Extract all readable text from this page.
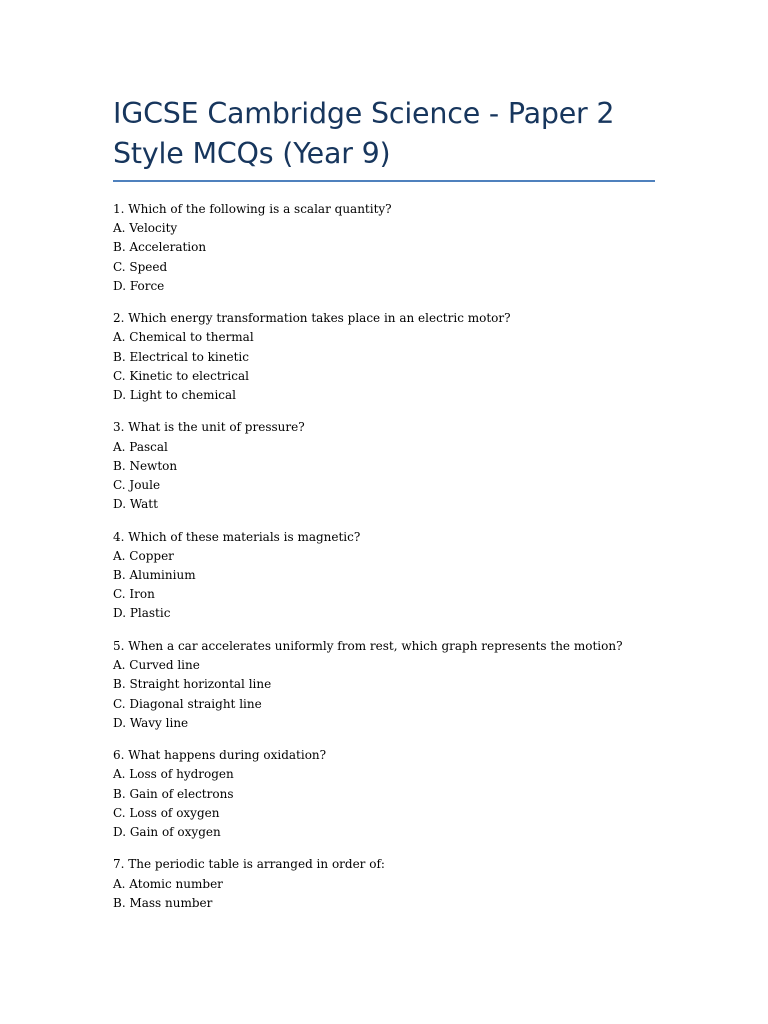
IGCSE Cambridge Science - Paper 2
Style MCQs (Year 9)
1. Which of the following is a scalar quantity?
A. Velocity
B. Acceleration
C. Speed
D. Force
2. Which energy transformation takes place in an electric motor?
A. Chemical to thermal
B. Electrical to kinetic
C. Kinetic to electrical
D. Light to chemical
3. What is the unit of pressure?
A. Pascal
B. Newton
C. Joule
D. Watt
4. Which of these materials is magnetic?
A. Copper
B. Aluminium
C. Iron
D. Plastic
5. When a car accelerates uniformly from rest, which graph represents the motion?
A. Curved line
B. Straight horizontal line
C. Diagonal straight line
D. Wavy line
6. What happens during oxidation?
A. Loss of hydrogen
B. Gain of electrons
C. Loss of oxygen
D. Gain of oxygen
7. The periodic table is arranged in order of:
A. Atomic number
B. Mass number
